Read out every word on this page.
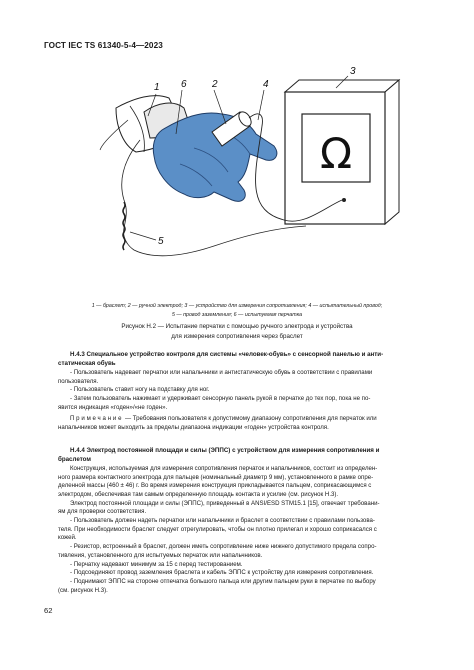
ГОСТ IEC TS 61340-5-4—2023
Ω
1 6	2	4
3
5
1 — браслет; 2 — ручной электрод; 3 — устройство для измерения сопротивления; 4 — испытательный провод;
5 — провод заземления; 6 — испытуемая перчатка
Рисунок Н.2 — Испытание перчатки с помощью ручного электрода и устройства
для измерения сопротивления через браслет
Н.4.3 Специальное устройство контроля для системы «человек-обувь» с сенсорной панелью и анти-
статическая обувь

- Пользователь надевает перчатки или напальчники и антистатическую обувь в соответствии с правилами
пользователя.

- Пользователь ставит ногу на подставку для ног.

- Затем пользователь нажимает и удерживает сенсорную панель рукой в перчатке до тех пор, пока не по-
явится индикация «годен»/«не годен».

Примечание — Требования пользователя к допустимому диапазону сопротивления для перчаток или
напальчников может выходить за пределы диапазона индикации «годен» устройства контроля.

Н.4.4 Электрод постоянной площади и силы (ЭППС) с устройством для измерения сопротивления и
браслетом

Конструкция, используемая для измерения сопротивления перчаток и напальчников, состоит из определен-
ного размера контактного электрода для пальцев (номинальный диаметр 9 мм), установленного в рамке опре-
деленной массы (460 ± 46) г. Во время измерения конструкция прикладывается пальцем, соприкасающимся с
электродом, обеспечивая там самым определенную площадь контакта и усилие (см. рисунок Н.3).

Электрод постоянной площади и силы (ЭППС), приведенный в ANSI/ESD STM15.1 [15], отвечает требовани-
ям для проверки соответствия.

- Пользователь должен надеть перчатки или напальчники и браслет в соответствии с правилами пользова-
теля. При необходимости браслет следует отрегулировать, чтобы он плотно прилегал и хорошо соприкасался с
кожей.

- Резистор, встроенный в браслет, должен иметь сопротивление ниже нижнего допустимого предела сопро-
тивления, установленного для испытуемых перчаток или напальчников.

- Перчатку надевают минимум за 15 с перед тестированием.

- Подсоединяют провод заземления браслета и кабель ЭППС к устройству для измерения сопротивления.

- Поднимают ЭППС на стороне отпечатка большого пальца или другим пальцем руки в перчатке по выбору
(см. рисунок Н.3).

62
